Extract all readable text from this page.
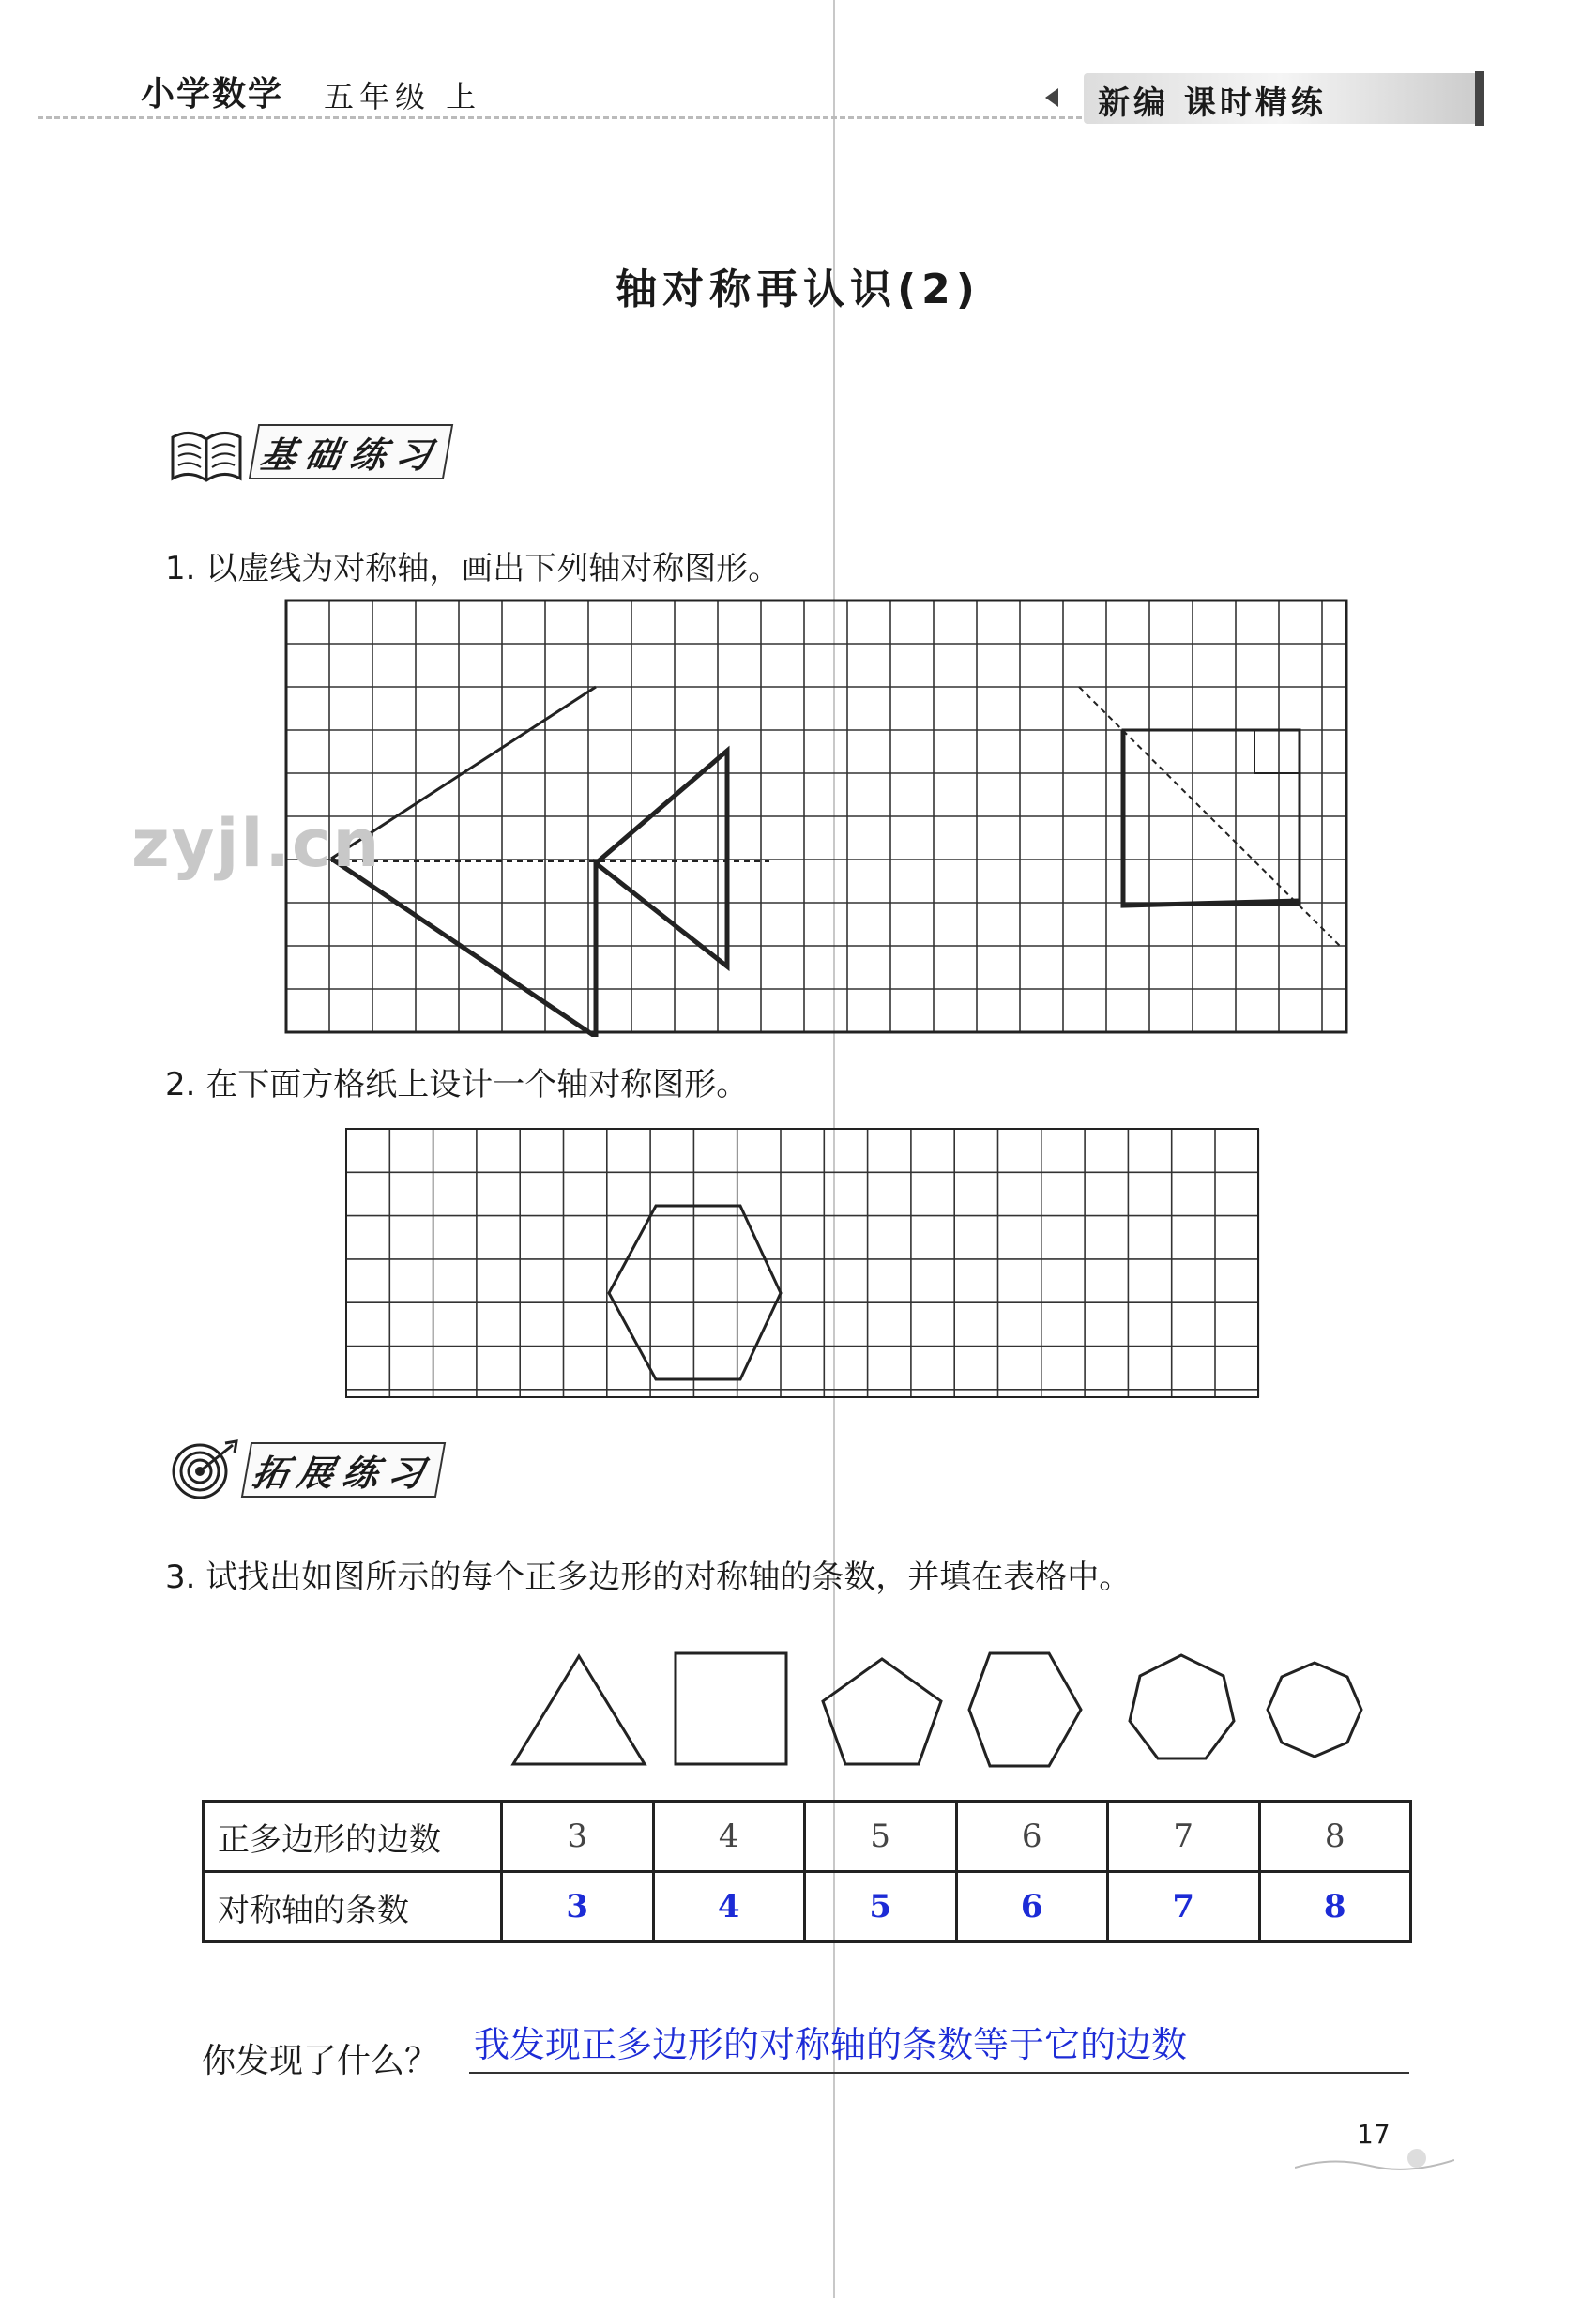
小学数学 五年级 上	新编 课时精练
轴对称再认识(2)
基础练习
1. 以虚线为对称轴，画出下列轴对称图形。
zyjl.cn
2. 在下面方格纸上设计一个轴对称图形。
拓展练习
3. 试找出如图所示的每个正多边形的对称轴的条数，并填在表格中。
正多边形的边数	3	4	5	6	7	8
对称轴的条数	3	4	5	6	7	8
你发现了什么？ 我发现正多边形的对称轴的条数等于它的边数
17
